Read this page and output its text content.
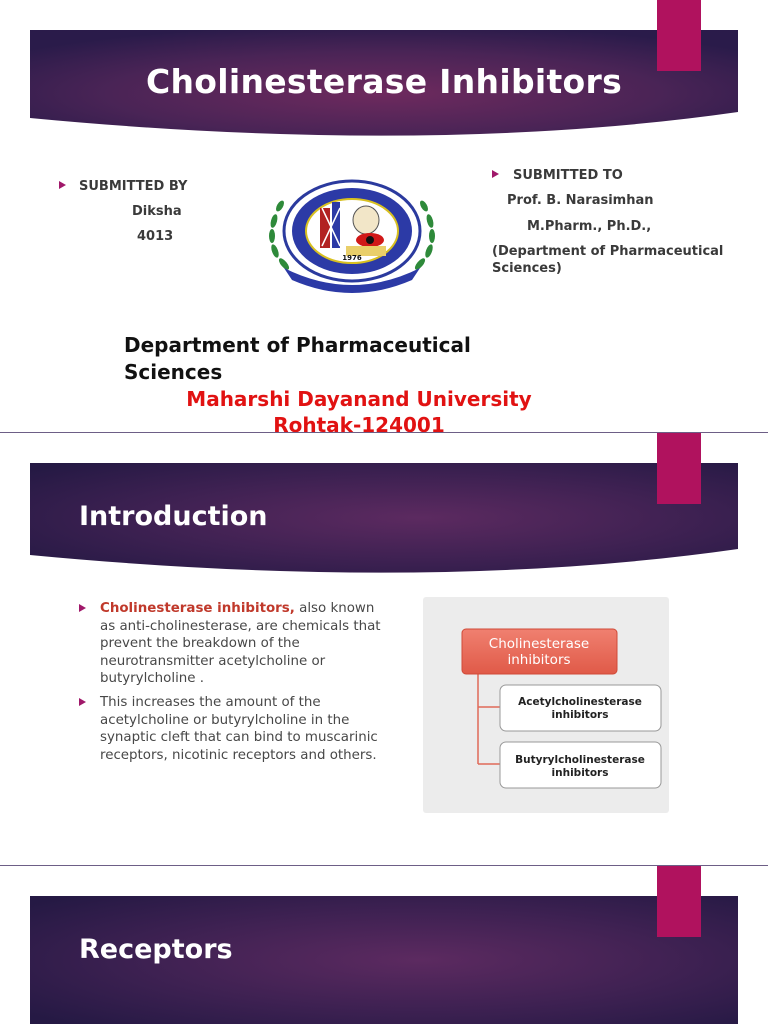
Cholinesterase Inhibitors
SUBMITTED BY
Diksha
4013
1976
SUBMITTED TO
Prof. B. Narasimhan
M.Pharm., Ph.D.,
(Department of Pharmaceutical
Sciences)
Department of Pharmaceutical Sciences
Maharshi Dayanand University
Rohtak-124001
Introduction
Cholinesterase inhibitors, also known as anti-cholinesterase, are chemicals that prevent the breakdown of the neurotransmitter acetylcholine or butyrylcholine .
This increases the amount of the acetylcholine or butyrylcholine in the synaptic cleft that can bind to muscarinic receptors, nicotinic receptors and others.
Cholinesterase
inhibitors
Acetylcholinesterase
inhibitors
Butyrylcholinesterase
inhibitors
Receptors
